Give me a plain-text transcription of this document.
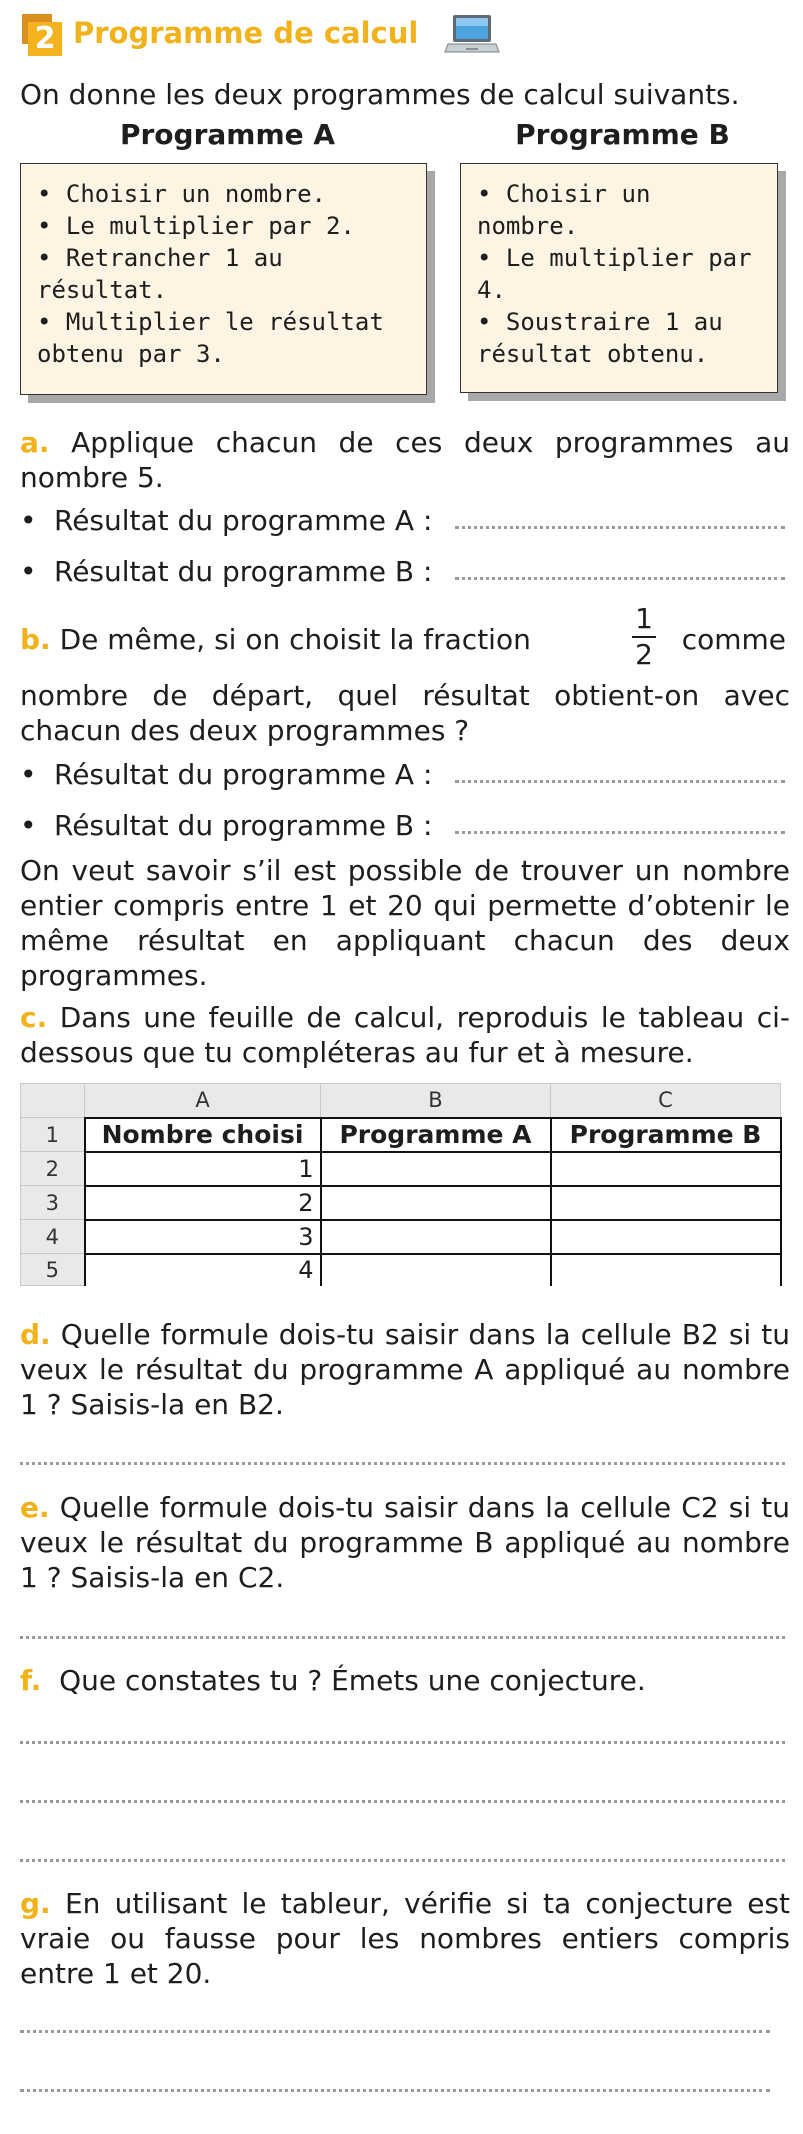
2 Programme de calcul
On donne les deux programmes de calcul suivants.
Programme A	Programme B
• Choisir un nombre.
• Le multiplier par 2.
• Retrancher 1 au résultat.
• Multiplier le résultat obtenu par 3.
• Choisir un nombre.
• Le multiplier par 4.
• Soustraire 1 au résultat obtenu.
a. Applique chacun de ces deux programmes au nombre 5.
• Résultat du programme A :
• Résultat du programme B :
b. De même, si on choisit la fraction
1
2 comme
nombre de départ, quel résultat obtient-on avec chacun des deux programmes ?
• Résultat du programme A :
• Résultat du programme B :
On veut savoir s’il est possible de trouver un nombre entier compris entre 1 et 20 qui permette d’obtenir le même résultat en appliquant chacun des deux programmes.
c. Dans une feuille de calcul, reproduis le tableau ci-dessous que tu compléteras au fur et à mesure.
	A	B	C
1	Nombre choisi	Programme A	Programme B
2	1		
3	2		
4	3		
5	4		
d. Quelle formule dois-tu saisir dans la cellule B2 si tu veux le résultat du programme A appliqué au nombre 1 ? Saisis-la en B2.
e. Quelle formule dois-tu saisir dans la cellule C2 si tu veux le résultat du programme B appliqué au nombre 1 ? Saisis-la en C2.
f. Que constates tu ? Émets une conjecture.
g. En utilisant le tableur, vérifie si ta conjecture est vraie ou fausse pour les nombres entiers compris entre 1 et 20.
